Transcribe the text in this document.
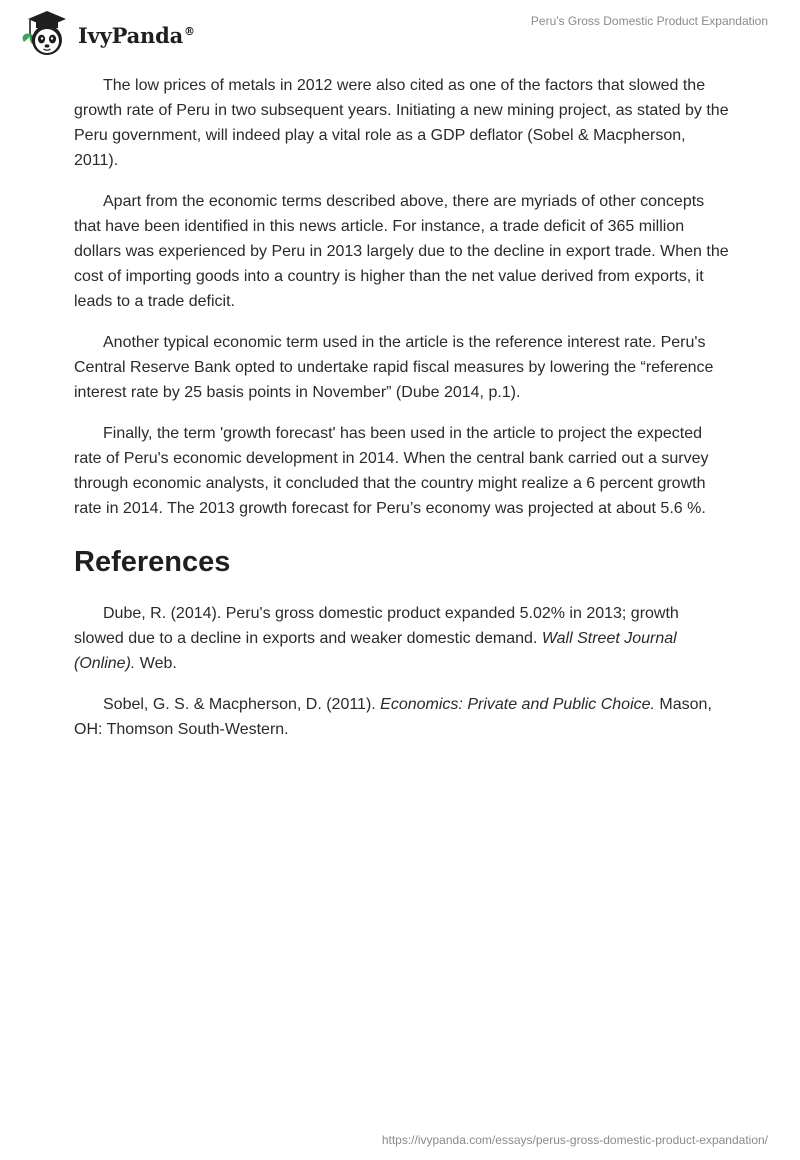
IvyPanda®
Peru's Gross Domestic Product Expandation

The low prices of metals in 2012 were also cited as one of the factors that slowed the growth rate of Peru in two subsequent years. Initiating a new mining project, as stated by the Peru government, will indeed play a vital role as a GDP deflator (Sobel & Macpherson, 2011).

Apart from the economic terms described above, there are myriads of other concepts that have been identified in this news article. For instance, a trade deficit of 365 million dollars was experienced by Peru in 2013 largely due to the decline in export trade. When the cost of importing goods into a country is higher than the net value derived from exports, it leads to a trade deficit.

Another typical economic term used in the article is the reference interest rate. Peru's Central Reserve Bank opted to undertake rapid fiscal measures by lowering the “reference interest rate by 25 basis points in November” (Dube 2014, p.1).

Finally, the term 'growth forecast' has been used in the article to project the expected rate of Peru's economic development in 2014. When the central bank carried out a survey through economic analysts, it concluded that the country might realize a 6 percent growth rate in 2014. The 2013 growth forecast for Peru’s economy was projected at about 5.6 %.

References

Dube, R. (2014). Peru's gross domestic product expanded 5.02% in 2013; growth slowed due to a decline in exports and weaker domestic demand. Wall Street Journal (Online). Web.

Sobel, G. S. & Macpherson, D. (2011). Economics: Private and Public Choice. Mason, OH: Thomson South-Western.

https://ivypanda.com/essays/perus-gross-domestic-product-expandation/
